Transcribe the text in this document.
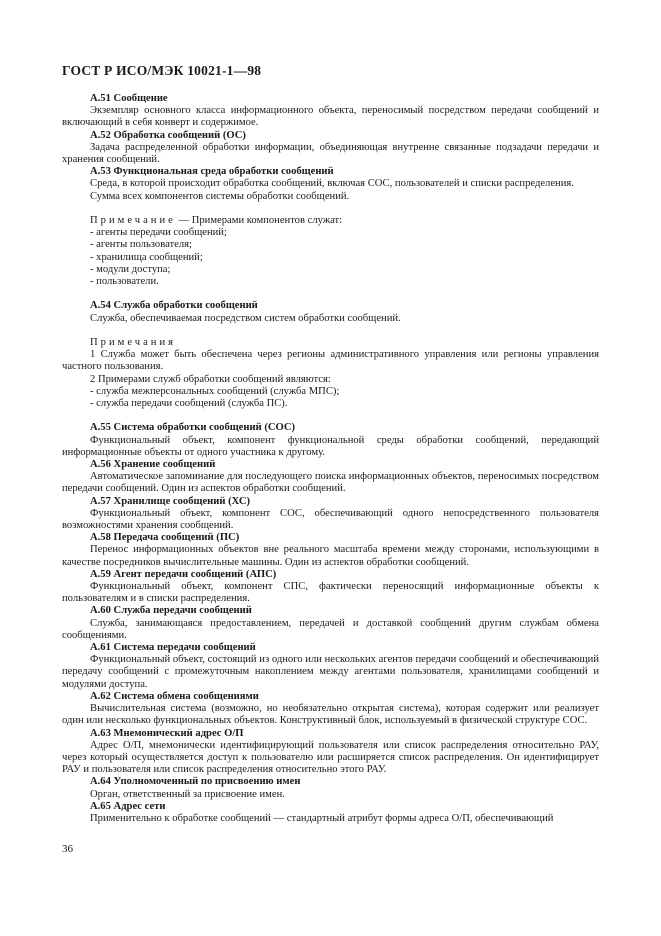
ГОСТ Р ИСО/МЭК 10021-1—98

А.51 Сообщение

Экземпляр основного класса информационного объекта, переносимый посредством передачи сообщений и включающий в себя конверт и содержимое.

А.52 Обработка сообщений (ОС)

Задача распределенной обработки информации, объединяющая внутренне связанные подзадачи передачи и хранения сообщений.

А.53 Функциональная среда обработки сообщений

Среда, в которой происходит обработка сообщений, включая СОС, пользователей и списки распределения.

Сумма всех компонентов системы обработки сообщений.

Примечание — Примерами компонентов служат:

- агенты передачи сообщений;

- агенты пользователя;

- хранилища сообщений;

- модули доступа;

- пользователи.

А.54 Служба обработки сообщений

Служба, обеспечиваемая посредством систем обработки сообщений.

Примечания

1 Служба может быть обеспечена через регионы административного управления или регионы управления частного пользования.

2 Примерами служб обработки сообщений являются:

- служба межперсональных сообщений (служба МПС);

- служба передачи сообщений (служба ПС).

А.55 Система обработки сообщений (СОС)

Функциональный объект, компонент функциональной среды обработки сообщений, передающий информационные объекты от одного участника к другому.

А.56 Хранение сообщений

Автоматическое запоминание для последующего поиска информационных объектов, переносимых посредством передачи сообщений. Один из аспектов обработки сообщений.

А.57 Хранилище сообщений (ХС)

Функциональный объект, компонент СОС, обеспечивающий одного непосредственного пользователя возможностями хранения сообщений.

А.58 Передача сообщений (ПС)

Перенос информационных объектов вне реального масштаба времени между сторонами, использующими в качестве посредников вычислительные машины. Один из аспектов обработки сообщений.

А.59 Агент передачи сообщений (АПС)

Функциональный объект, компонент СПС, фактически переносящий информационные объекты к пользователям и в списки распределения.

А.60 Служба передачи сообщений

Служба, занимающаяся предоставлением, передачей и доставкой сообщений другим службам обмена сообщениями.

А.61 Система передачи сообщений

Функциональный объект, состоящий из одного или нескольких агентов передачи сообщений и обеспечивающий передачу сообщений с промежуточным накоплением между агентами пользователя, хранилищами сообщений и модулями доступа.

А.62 Система обмена сообщениями

Вычислительная система (возможно, но необязательно открытая система), которая содержит или реализует один или несколько функциональных объектов. Конструктивный блок, используемый в физической структуре СОС.

А.63 Мнемонический адрес О/П

Адрес О/П, мнемонически идентифицирующий пользователя или список распределения относительно РАУ, через который осуществляется доступ к пользователю или расширяется список распределения. Он идентифицирует РАУ и пользователя или список распределения относительно этого РАУ.

А.64 Уполномоченный по присвоению имен

Орган, ответственный за присвоение имен.

А.65 Адрес сети

Применительно к обработке сообщений — стандартный атрибут формы адреса О/П, обеспечивающий

36
